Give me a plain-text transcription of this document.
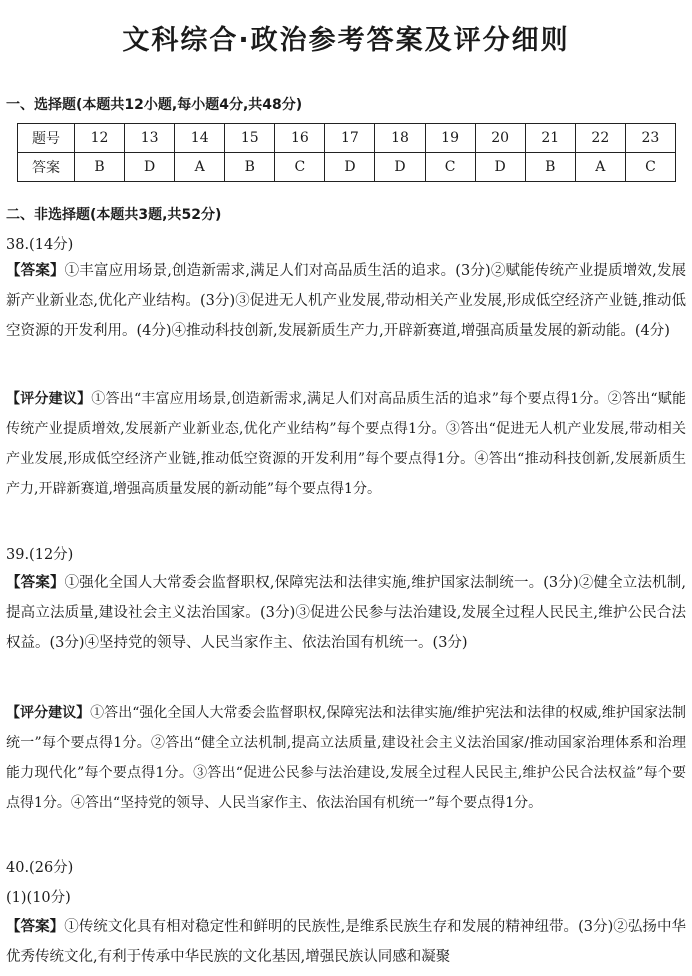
文科综合·政治参考答案及评分细则
一、选择题(本题共12小题,每小题4分,共48分)
题号	12	13	14	15	16	17	18	19	20	21	22	23
答案	B	D	A	B	C	D	D	C	D	B	A	C
二、非选择题(本题共3题,共52分)
38.(14分)

【答案】①丰富应用场景,创造新需求,满足人们对高品质生活的追求。(3分)②赋能传统产业提质增效,发展新产业新业态,优化产业结构。(3分)③促进无人机产业发展,带动相关产业发展,形成低空经济产业链,推动低空资源的开发利用。(4分)④推动科技创新,发展新质生产力,开辟新赛道,增强高质量发展的新动能。(4分)

【评分建议】①答出“丰富应用场景,创造新需求,满足人们对高品质生活的追求”每个要点得1分。②答出“赋能传统产业提质增效,发展新产业新业态,优化产业结构”每个要点得1分。③答出“促进无人机产业发展,带动相关产业发展,形成低空经济产业链,推动低空资源的开发利用”每个要点得1分。④答出“推动科技创新,发展新质生产力,开辟新赛道,增强高质量发展的新动能”每个要点得1分。

39.(12分)

【答案】①强化全国人大常委会监督职权,保障宪法和法律实施,维护国家法制统一。(3分)②健全立法机制,提高立法质量,建设社会主义法治国家。(3分)③促进公民参与法治建设,发展全过程人民民主,维护公民合法权益。(3分)④坚持党的领导、人民当家作主、依法治国有机统一。(3分)

【评分建议】①答出“强化全国人大常委会监督职权,保障宪法和法律实施/维护宪法和法律的权威,维护国家法制统一”每个要点得1分。②答出“健全立法机制,提高立法质量,建设社会主义法治国家/推动国家治理体系和治理能力现代化”每个要点得1分。③答出“促进公民参与法治建设,发展全过程人民民主,维护公民合法权益”每个要点得1分。④答出“坚持党的领导、人民当家作主、依法治国有机统一”每个要点得1分。

40.(26分)
(1)(10分)

【答案】①传统文化具有相对稳定性和鲜明的民族性,是维系民族生存和发展的精神纽带。(3分)②弘扬中华优秀传统文化,有利于传承中华民族的文化基因,增强民族认同感和凝聚
